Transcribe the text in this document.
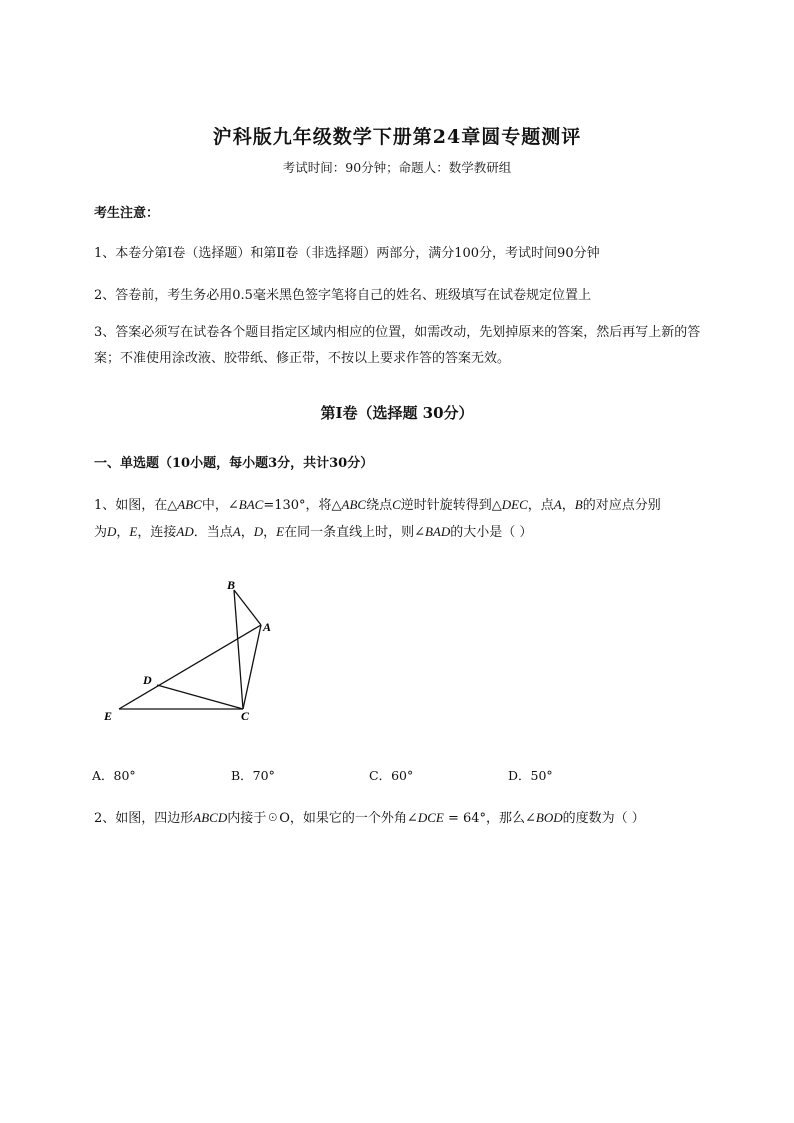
沪科版九年级数学下册第24章圆专题测评
考试时间：90分钟；命题人：数学教研组
考生注意：
1、本卷分第I卷（选择题）和第Ⅱ卷（非选择题）两部分，满分100分，考试时间90分钟
2、答卷前，考生务必用0.5毫米黑色签字笔将自己的姓名、班级填写在试卷规定位置上
3、答案必须写在试卷各个题目指定区域内相应的位置，如需改动，先划掉原来的答案，然后再写上新的答案；不准使用涂改液、胶带纸、修正带，不按以上要求作答的答案无效。
第I卷（选择题 30分）
一、单选题（10小题，每小题3分，共计30分）
1、如图，在△ABC中，∠BAC=130°，将△ABC绕点C逆时针旋转得到△DEC，点A，B的对应点分别
为D，E，连接AD．当点A，D，E在同一条直线上时，则∠BAD的大小是（ ）
B
A
D
E	C
A．80°	B．70°	C．60°	D．50°
2、如图，四边形ABCD内接于☉O，如果它的一个外角∠DCE = 64°，那么∠BOD的度数为（ ）
